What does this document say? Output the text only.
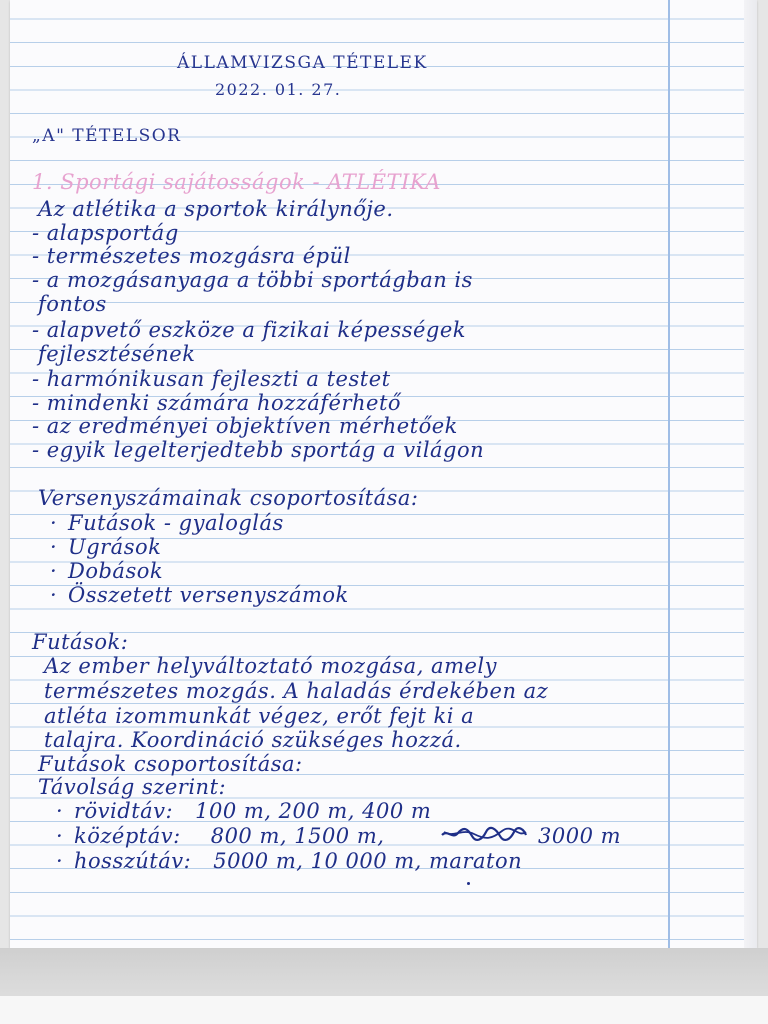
ÁLLAMVIZSGA TÉTELEK

2022. 01. 27.

„A" TÉTELSOR

1. Sportági sajátosságok - ATLÉTIKA

Az atlétika a sportok királynője.

- alapsportág

- természetes mozgásra épül

- a mozgásanyaga a többi sportágban is

fontos

- alapvető eszköze a fizikai képességek

fejlesztésének

- harmónikusan fejleszti a testet

- mindenki számára hozzáférhető

- az eredményei objektíven mérhetőek

- egyik legelterjedtebb sportág a világon

Versenyszámainak csoportosítása:

· Futások - gyaloglás

· Ugrások

· Dobások

· Összetett versenyszámok

Futások:

Az ember helyváltoztató mozgása, amely

természetes mozgás. A haladás érdekében az

atléta izommunkát végez, erőt fejt ki a

talajra. Koordináció szükséges hozzá.

Futások csoportosítása:

Távolság szerint:

· rövidtáv: 100 m, 200 m, 400 m

· középtáv: 800 m, 1500 m,	3000 m

· hosszútáv: 5000 m, 10 000 m, maraton
